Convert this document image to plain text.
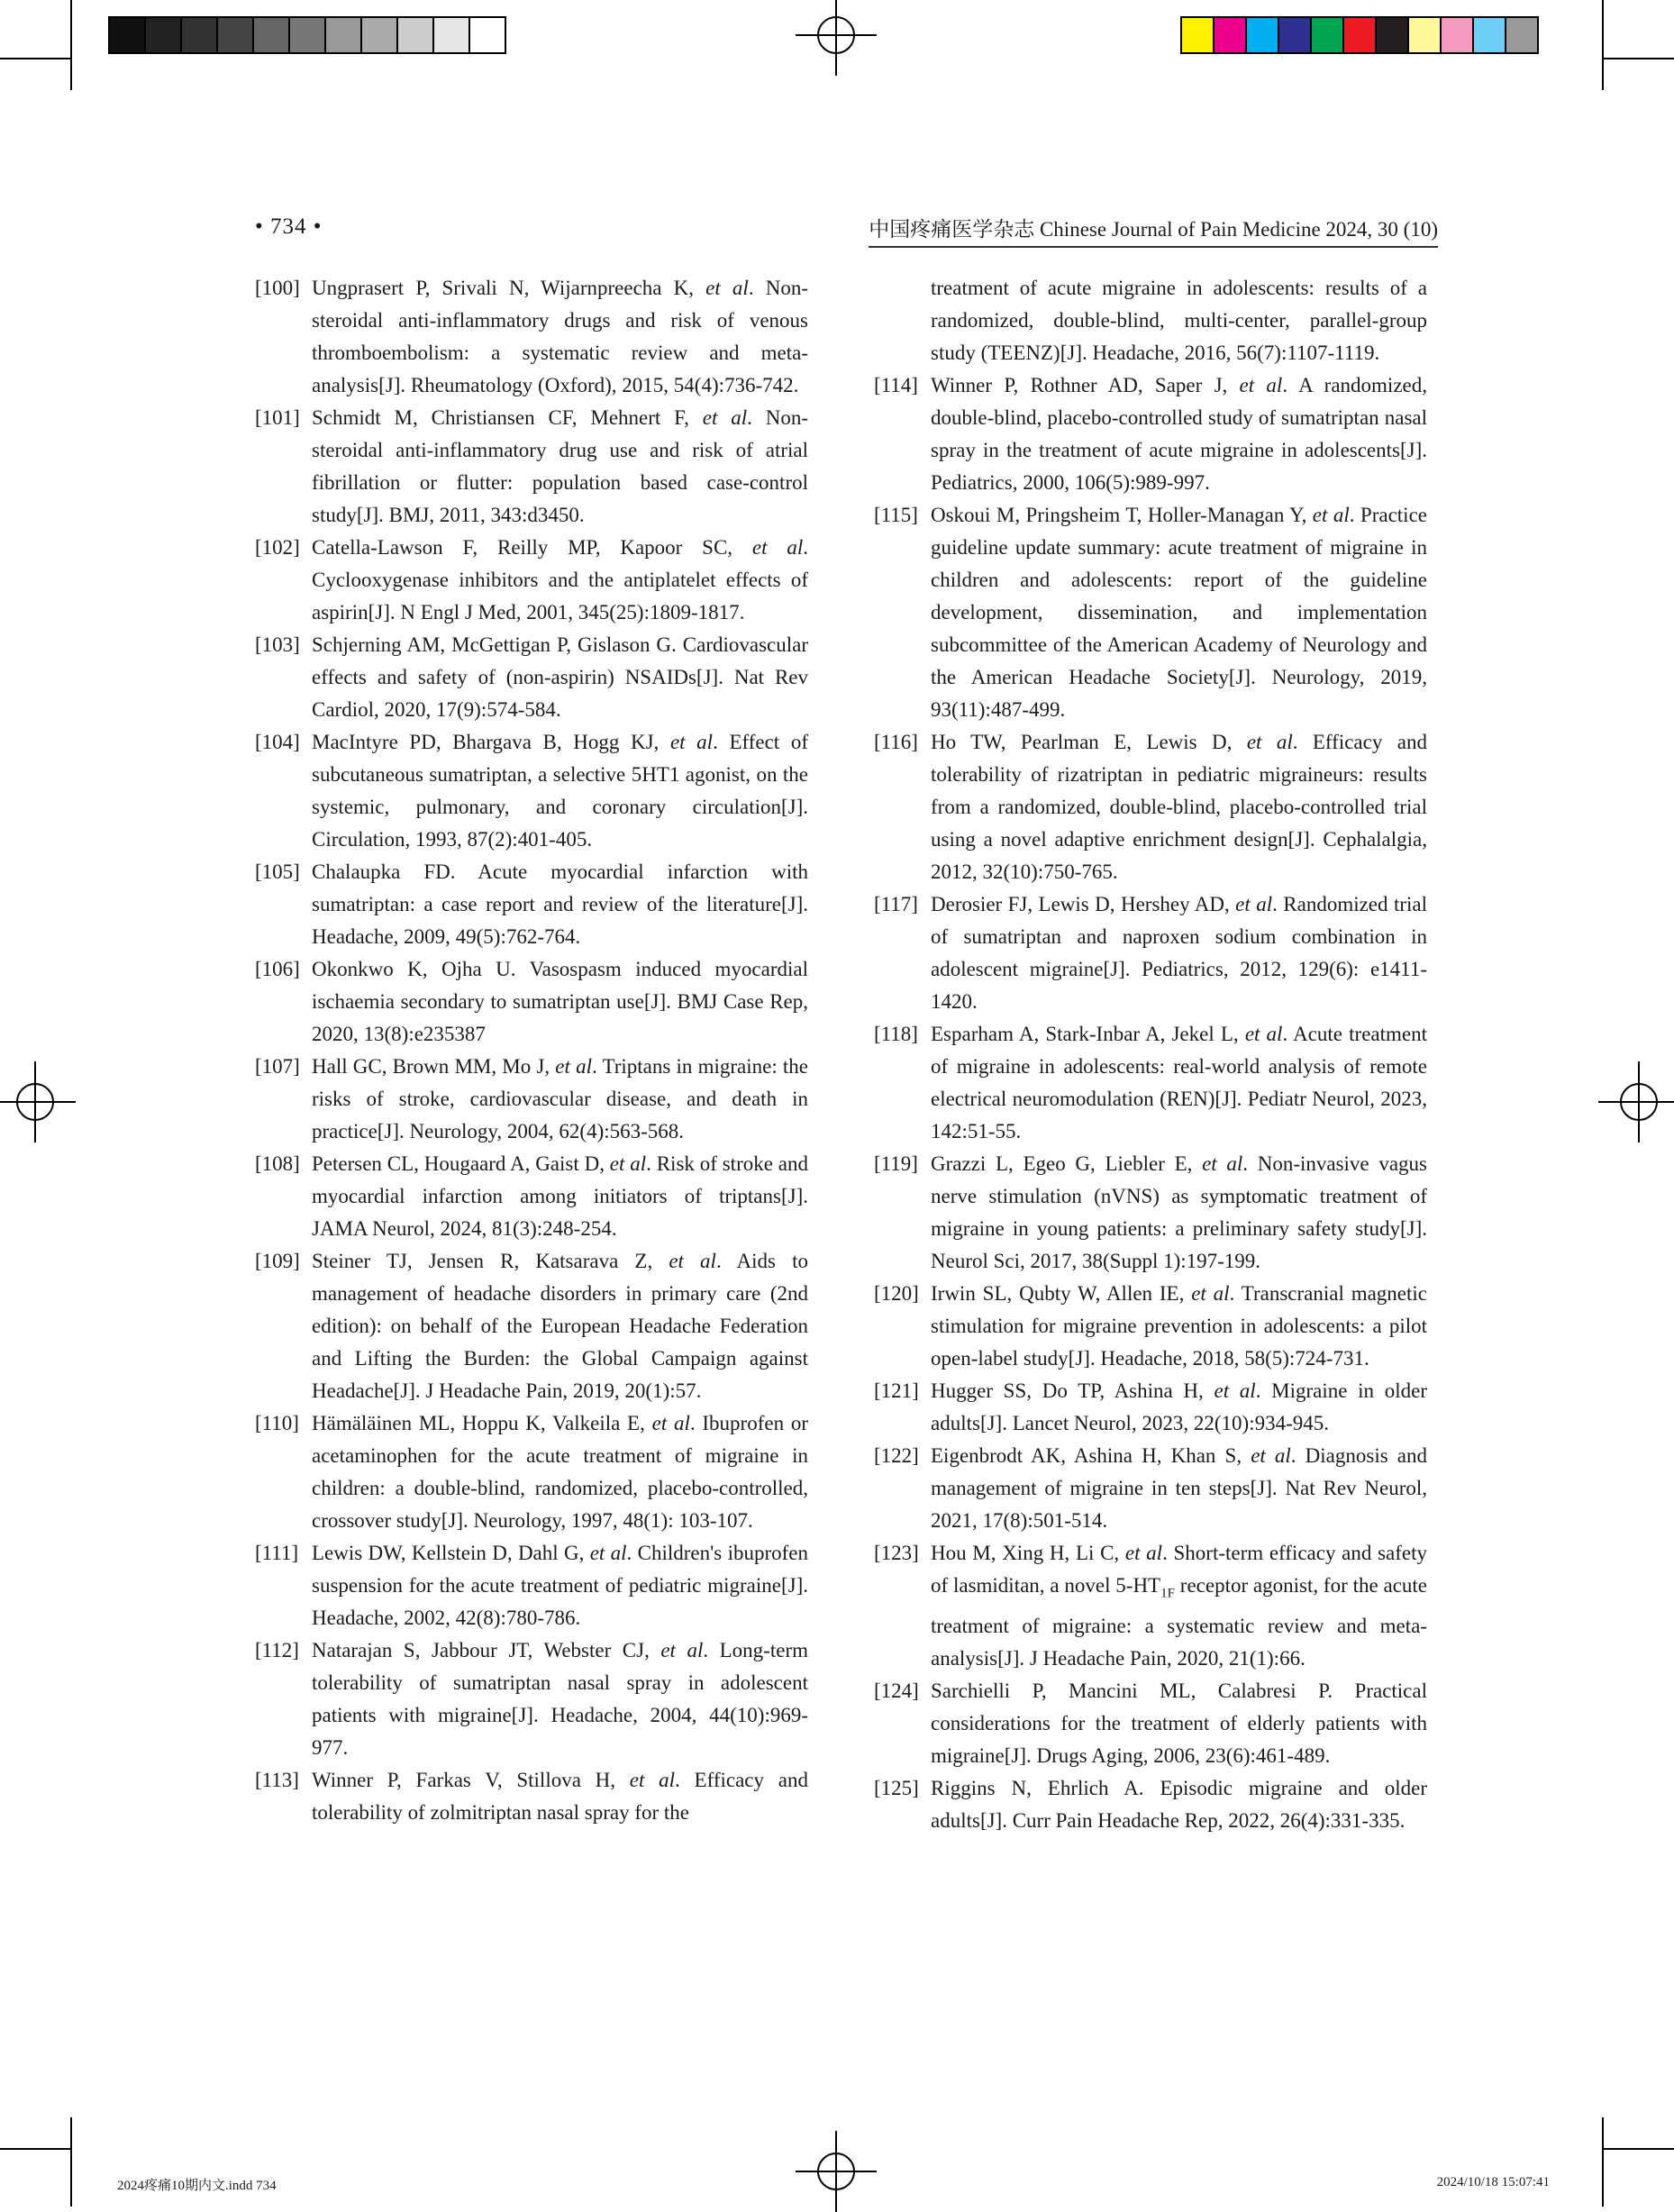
• 734 •	中国疼痛医学杂志 Chinese Journal of Pain Medicine 2024, 30 (10)
[100] Ungprasert P, Srivali N, Wijarnpreecha K, et al. Non-steroidal anti-inflammatory drugs and risk of venous thromboembolism: a systematic review and meta-analysis[J]. Rheumatology (Oxford), 2015, 54(4):736-742.
[101] Schmidt M, Christiansen CF, Mehnert F, et al. Non-steroidal anti-inflammatory drug use and risk of atrial fibrillation or flutter: population based case-control study[J]. BMJ, 2011, 343:d3450.
[102] Catella-Lawson F, Reilly MP, Kapoor SC, et al. Cyclooxygenase inhibitors and the antiplatelet effects of aspirin[J]. N Engl J Med, 2001, 345(25):1809-1817.
[103] Schjerning AM, McGettigan P, Gislason G. Cardiovascular effects and safety of (non-aspirin) NSAIDs[J]. Nat Rev Cardiol, 2020, 17(9):574-584.
[104] MacIntyre PD, Bhargava B, Hogg KJ, et al. Effect of subcutaneous sumatriptan, a selective 5HT1 agonist, on the systemic, pulmonary, and coronary circulation[J]. Circulation, 1993, 87(2):401-405.
[105] Chalaupka FD. Acute myocardial infarction with sumatriptan: a case report and review of the literature[J]. Headache, 2009, 49(5):762-764.
[106] Okonkwo K, Ojha U. Vasospasm induced myocardial ischaemia secondary to sumatriptan use[J]. BMJ Case Rep, 2020, 13(8):e235387
[107] Hall GC, Brown MM, Mo J, et al. Triptans in migraine: the risks of stroke, cardiovascular disease, and death in practice[J]. Neurology, 2004, 62(4):563-568.
[108] Petersen CL, Hougaard A, Gaist D, et al. Risk of stroke and myocardial infarction among initiators of triptans[J]. JAMA Neurol, 2024, 81(3):248-254.
[109] Steiner TJ, Jensen R, Katsarava Z, et al. Aids to management of headache disorders in primary care (2nd edition): on behalf of the European Headache Federation and Lifting the Burden: the Global Campaign against Headache[J]. J Headache Pain, 2019, 20(1):57.
[110] Hämäläinen ML, Hoppu K, Valkeila E, et al. Ibuprofen or acetaminophen for the acute treatment of migraine in children: a double-blind, randomized, placebo-controlled, crossover study[J]. Neurology, 1997, 48(1): 103-107.
[111] Lewis DW, Kellstein D, Dahl G, et al. Children's ibuprofen suspension for the acute treatment of pediatric migraine[J]. Headache, 2002, 42(8):780-786.
[112] Natarajan S, Jabbour JT, Webster CJ, et al. Long-term tolerability of sumatriptan nasal spray in adolescent patients with migraine[J]. Headache, 2004, 44(10):969-977.
[113] Winner P, Farkas V, Stillova H, et al. Efficacy and tolerability of zolmitriptan nasal spray for the
treatment of acute migraine in adolescents: results of a randomized, double-blind, multi-center, parallel-group study (TEENZ)[J]. Headache, 2016, 56(7):1107-1119.
[114] Winner P, Rothner AD, Saper J, et al. A randomized, double-blind, placebo-controlled study of sumatriptan nasal spray in the treatment of acute migraine in adolescents[J]. Pediatrics, 2000, 106(5):989-997.
[115] Oskoui M, Pringsheim T, Holler-Managan Y, et al. Practice guideline update summary: acute treatment of migraine in children and adolescents: report of the guideline development, dissemination, and implementation subcommittee of the American Academy of Neurology and the American Headache Society[J]. Neurology, 2019, 93(11):487-499.
[116] Ho TW, Pearlman E, Lewis D, et al. Efficacy and tolerability of rizatriptan in pediatric migraineurs: results from a randomized, double-blind, placebo-controlled trial using a novel adaptive enrichment design[J]. Cephalalgia, 2012, 32(10):750-765.
[117] Derosier FJ, Lewis D, Hershey AD, et al. Randomized trial of sumatriptan and naproxen sodium combination in adolescent migraine[J]. Pediatrics, 2012, 129(6): e1411-1420.
[118] Esparham A, Stark-Inbar A, Jekel L, et al. Acute treatment of migraine in adolescents: real-world analysis of remote electrical neuromodulation (REN)[J]. Pediatr Neurol, 2023, 142:51-55.
[119] Grazzi L, Egeo G, Liebler E, et al. Non-invasive vagus nerve stimulation (nVNS) as symptomatic treatment of migraine in young patients: a preliminary safety study[J]. Neurol Sci, 2017, 38(Suppl 1):197-199.
[120] Irwin SL, Qubty W, Allen IE, et al. Transcranial magnetic stimulation for migraine prevention in adolescents: a pilot open-label study[J]. Headache, 2018, 58(5):724-731.
[121] Hugger SS, Do TP, Ashina H, et al. Migraine in older adults[J]. Lancet Neurol, 2023, 22(10):934-945.
[122] Eigenbrodt AK, Ashina H, Khan S, et al. Diagnosis and management of migraine in ten steps[J]. Nat Rev Neurol, 2021, 17(8):501-514.
[123] Hou M, Xing H, Li C, et al. Short-term efficacy and safety of lasmiditan, a novel $5-HT_{1F}$ receptor agonist, for the acute treatment of migraine: a systematic review and meta-analysis[J]. J Headache Pain, 2020, 21(1):66.
[124] Sarchielli P, Mancini ML, Calabresi P. Practical considerations for the treatment of elderly patients with migraine[J]. Drugs Aging, 2006, 23(6):461-489.
[125] Riggins N, Ehrlich A. Episodic migraine and older adults[J]. Curr Pain Headache Rep, 2022, 26(4):331-335.
2024疼痛10期内文.indd 734	2024/10/18 15:07:41
